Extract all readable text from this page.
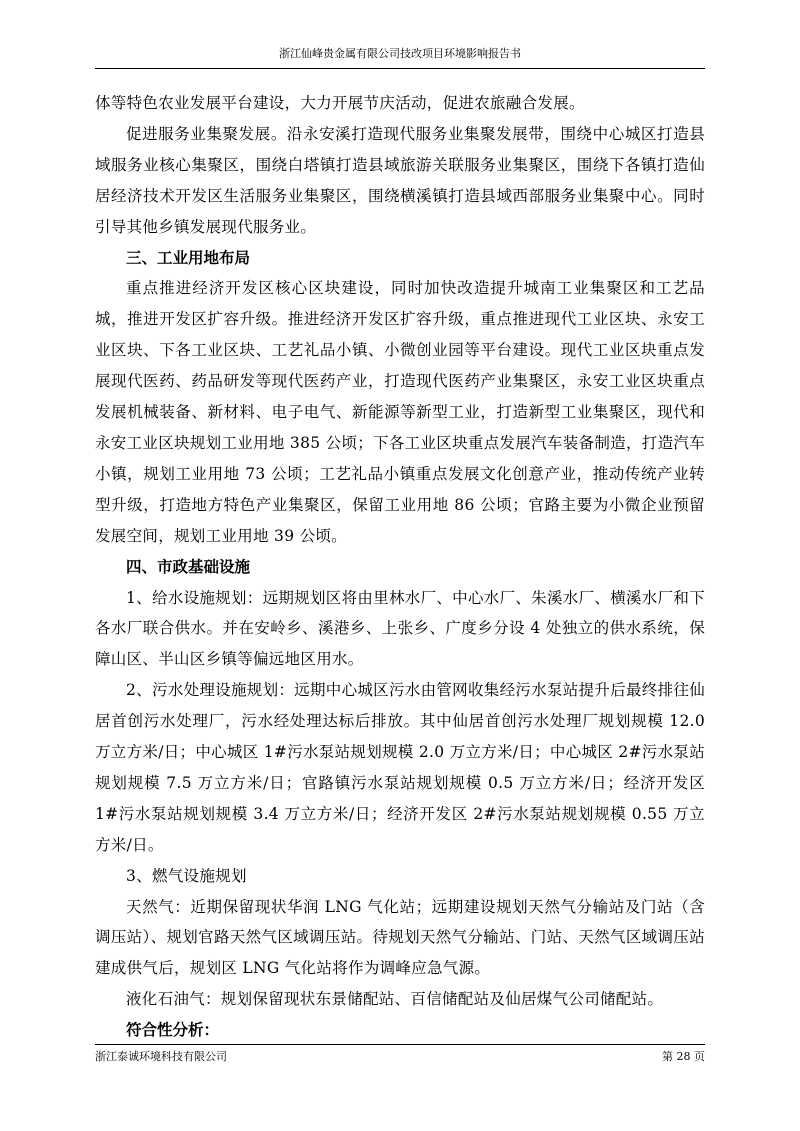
浙江仙峰贵金属有限公司技改项目环境影响报告书

体等特色农业发展平台建设，大力开展节庆活动，促进农旅融合发展。

促进服务业集聚发展。沿永安溪打造现代服务业集聚发展带，围绕中心城区打造县域服务业核心集聚区，围绕白塔镇打造县域旅游关联服务业集聚区，围绕下各镇打造仙居经济技术开发区生活服务业集聚区，围绕横溪镇打造县域西部服务业集聚中心。同时引导其他乡镇发展现代服务业。

三、工业用地布局

重点推进经济开发区核心区块建设，同时加快改造提升城南工业集聚区和工艺品城，推进开发区扩容升级。推进经济开发区扩容升级，重点推进现代工业区块、永安工业区块、下各工业区块、工艺礼品小镇、小微创业园等平台建设。现代工业区块重点发展现代医药、药品研发等现代医药产业，打造现代医药产业集聚区，永安工业区块重点发展机械装备、新材料、电子电气、新能源等新型工业，打造新型工业集聚区，现代和永安工业区块规划工业用地 385 公顷；下各工业区块重点发展汽车装备制造，打造汽车小镇，规划工业用地 73 公顷；工艺礼品小镇重点发展文化创意产业，推动传统产业转型升级，打造地方特色产业集聚区，保留工业用地 86 公顷；官路主要为小微企业预留发展空间，规划工业用地 39 公顷。

四、市政基础设施

1、给水设施规划：远期规划区将由里林水厂、中心水厂、朱溪水厂、横溪水厂和下各水厂联合供水。并在安岭乡、溪港乡、上张乡、广度乡分设 4 处独立的供水系统，保障山区、半山区乡镇等偏远地区用水。

2、污水处理设施规划：远期中心城区污水由管网收集经污水泵站提升后最终排往仙居首创污水处理厂，污水经处理达标后排放。其中仙居首创污水处理厂规划规模 12.0 万立方米/日；中心城区 1#污水泵站规划规模 2.0 万立方米/日；中心城区 2#污水泵站规划规模 7.5 万立方米/日；官路镇污水泵站规划规模 0.5 万立方米/日；经济开发区 1#污水泵站规划规模 3.4 万立方米/日；经济开发区 2#污水泵站规划规模 0.55 万立方米/日。

3、燃气设施规划

天然气：近期保留现状华润 LNG 气化站；远期建设规划天然气分输站及门站（含调压站）、规划官路天然气区域调压站。待规划天然气分输站、门站、天然气区域调压站建成供气后，规划区 LNG 气化站将作为调峰应急气源。

液化石油气：规划保留现状东景储配站、百信储配站及仙居煤气公司储配站。

符合性分析：

浙江泰诚环境科技有限公司	第 28 页
